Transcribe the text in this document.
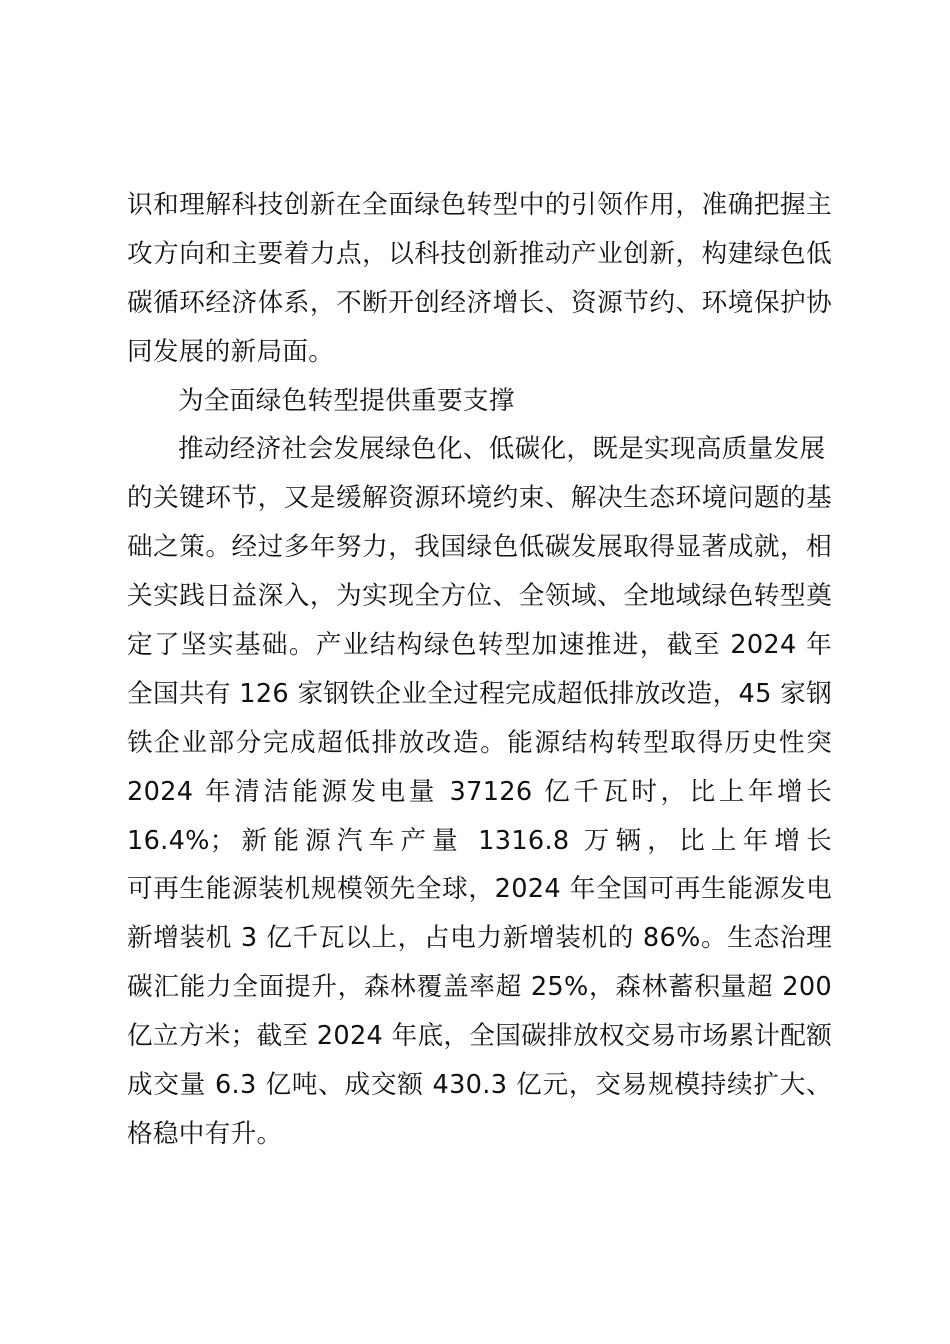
识和理解科技创新在全面绿色转型中的引领作用，准确把握主
攻方向和主要着力点，以科技创新推动产业创新，构建绿色低
碳循环经济体系，不断开创经济增长、资源节约、环境保护协
同发展的新局面。
为全面绿色转型提供重要支撑
推动经济社会发展绿色化、低碳化，既是实现高质量发展
的关键环节，又是缓解资源环境约束、解决生态环境问题的基
础之策。经过多年努力，我国绿色低碳发展取得显著成就，相
关实践日益深入，为实现全方位、全领域、全地域绿色转型奠
定了坚实基础。产业结构绿色转型加速推进，截至 2024 年
全国共有 126 家钢铁企业全过程完成超低排放改造，45 家钢
铁企业部分完成超低排放改造。能源结构转型取得历史性突
2024 年清洁能源发电量 37126 亿千瓦时，比上年增长
16.4%；新能源汽车产量 1316.8 万辆，比上年增长
可再生能源装机规模领先全球，2024 年全国可再生能源发电
新增装机 3 亿千瓦以上，占电力新增装机的 86%。生态治理
碳汇能力全面提升，森林覆盖率超 25%，森林蓄积量超 200
亿立方米；截至 2024 年底，全国碳排放权交易市场累计配额
成交量 6.3 亿吨、成交额 430.3 亿元，交易规模持续扩大、
格稳中有升。
